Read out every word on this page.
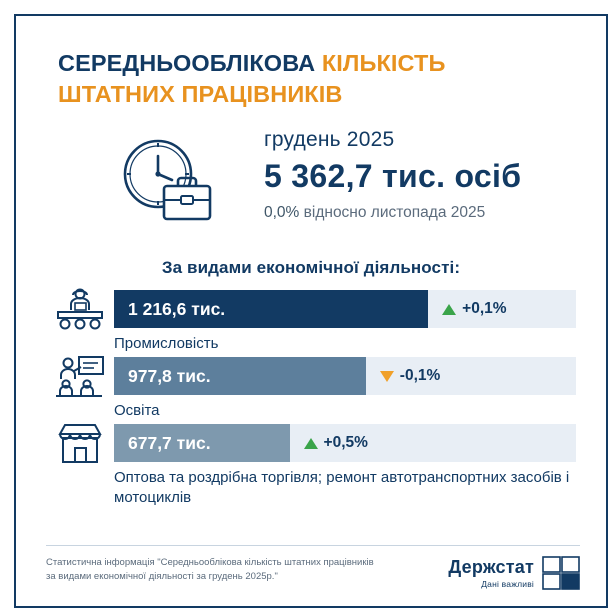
СЕРЕДНЬООБЛІКОВА КІЛЬКІСТЬ
ШТАТНИХ ПРАЦІВНИКІВ
грудень 2025
5 362,7 тис. осіб
0,0% відносно листопада 2025
За видами економічної діяльності:
1 216,6 тис.	+0,1%
Промисловість
977,8 тис.	-0,1%
Освіта
677,7 тис.	+0,5%
Оптова та роздрібна торгівля; ремонт автотранспортних засобів і мотоциклів
Статистична інформація "Середньооблікова кількість штатних працівників за видами економічної діяльності за грудень 2025р."	Держстат
Дані важливі
